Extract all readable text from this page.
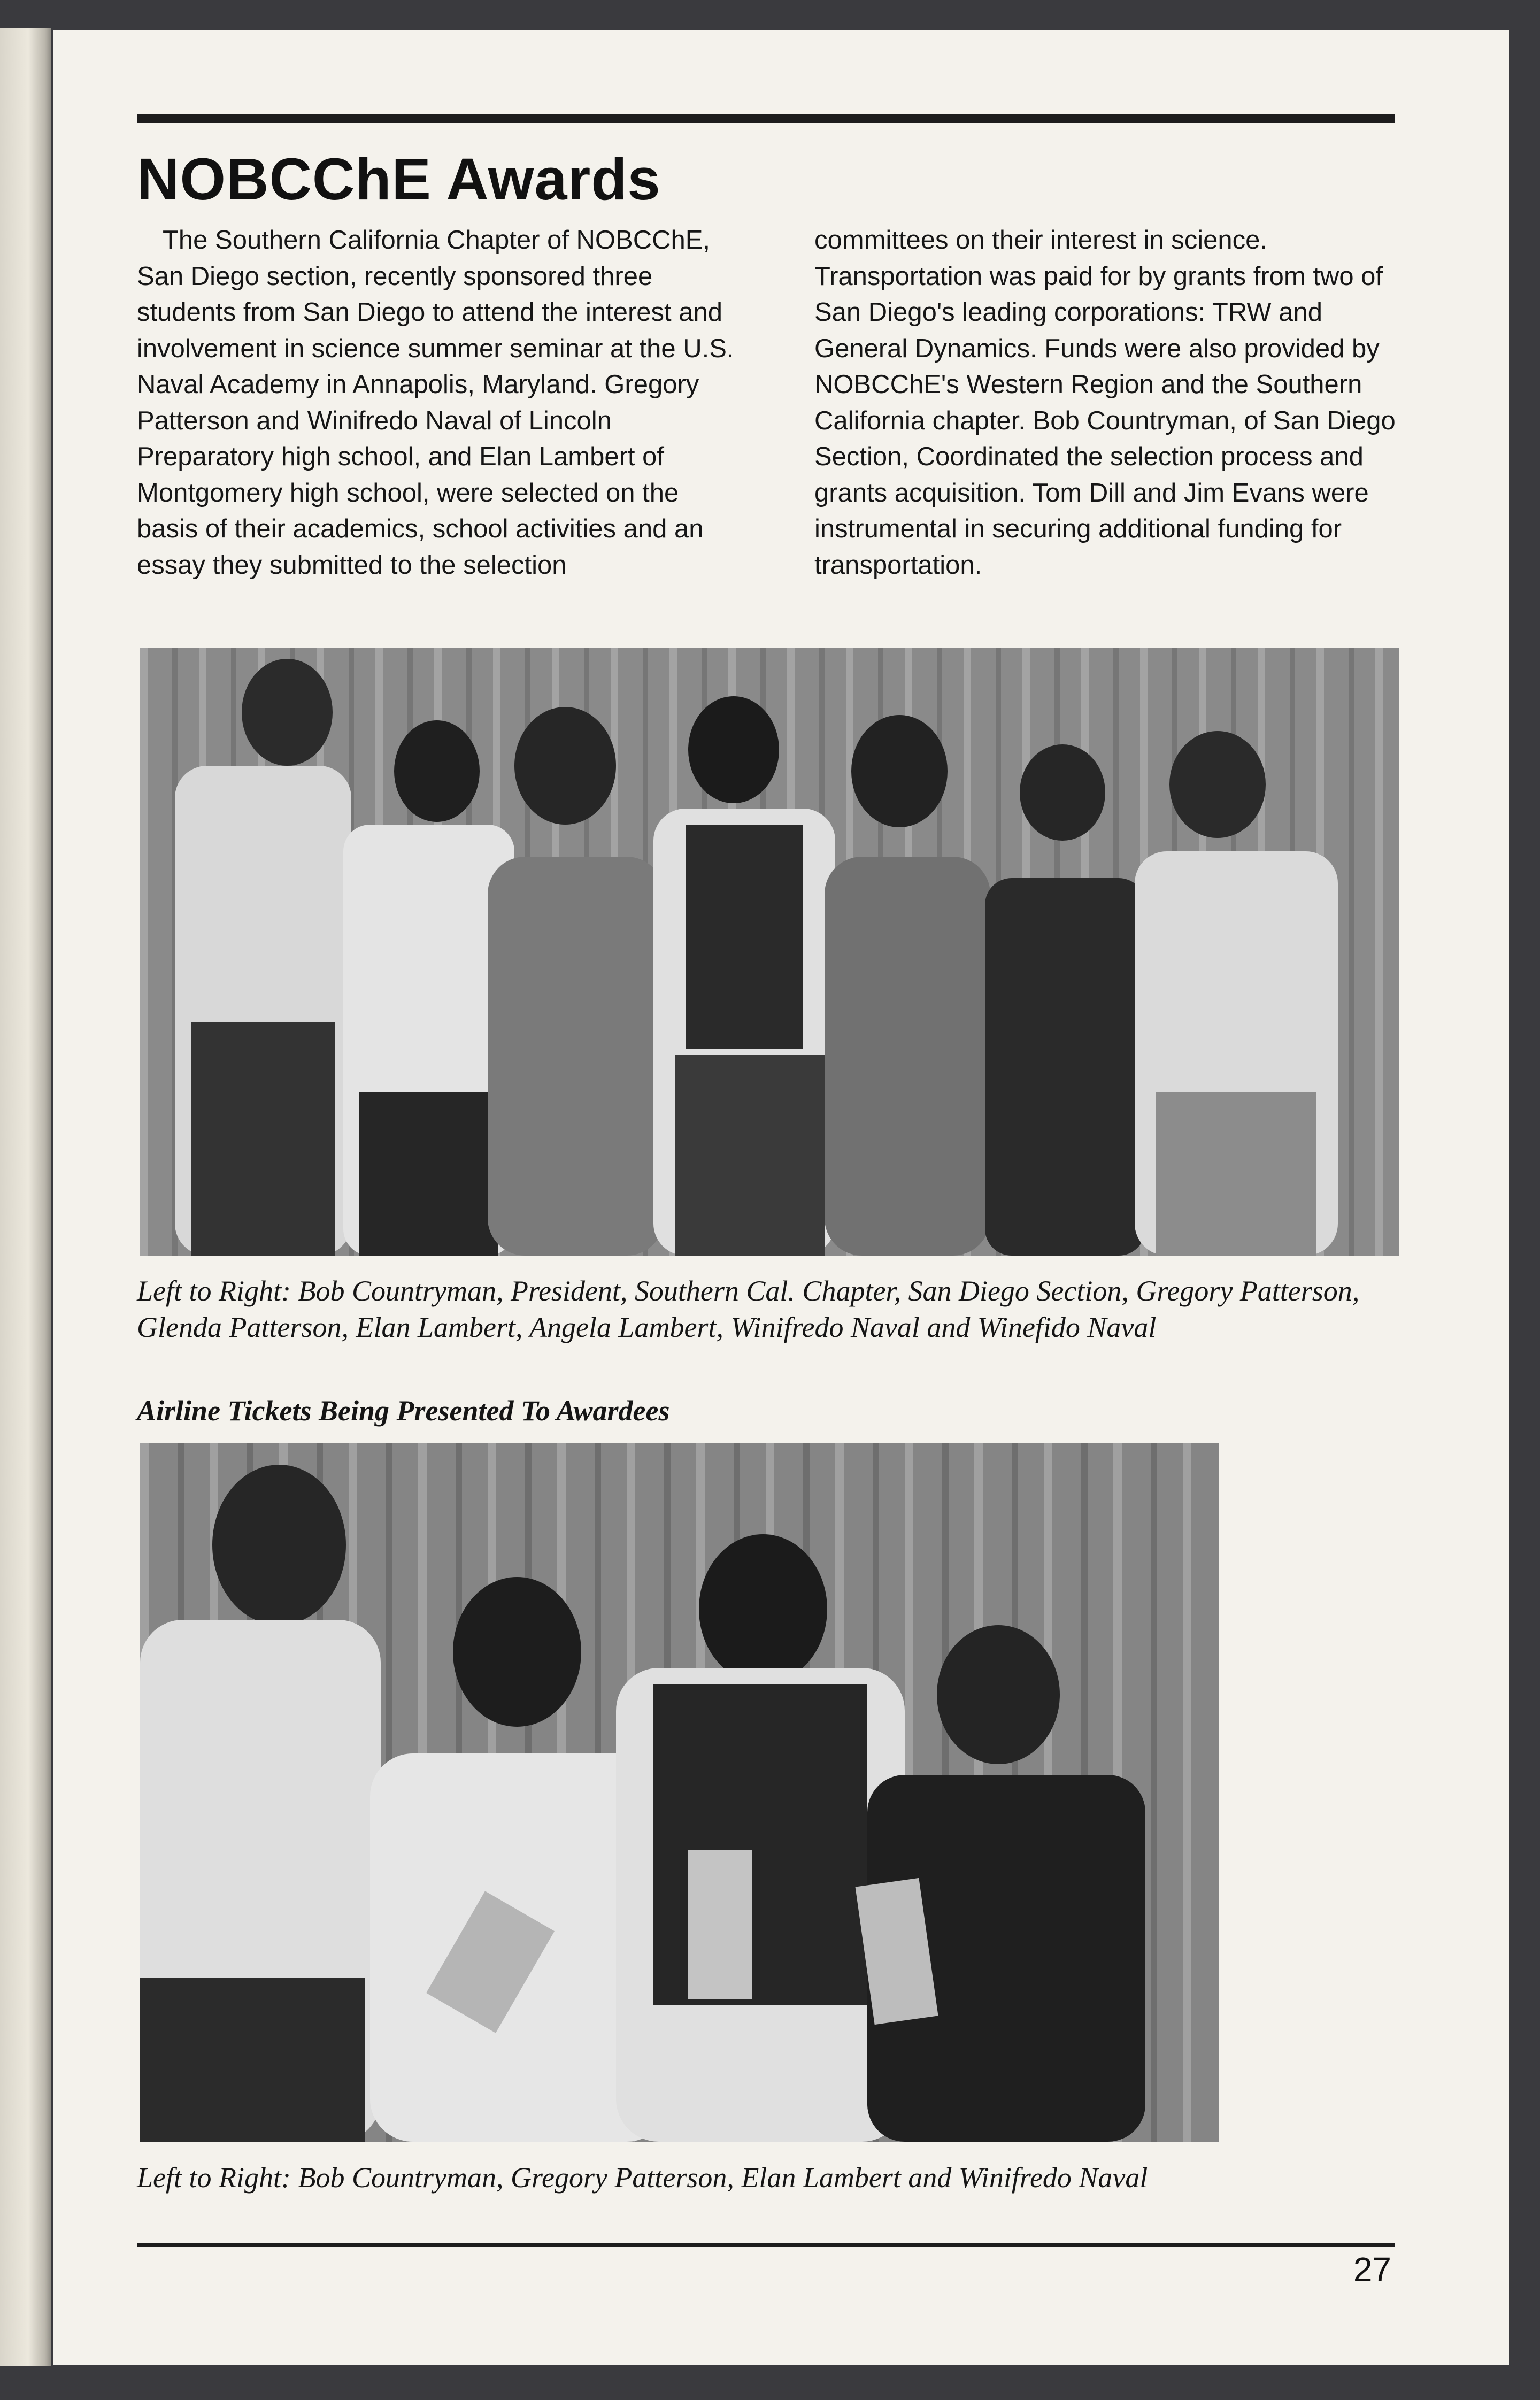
NOBCChE Awards

The Southern California Chapter of NOBCChE, San Diego section, recently sponsored three students from San Diego to attend the interest and involvement in science summer seminar at the U.S. Naval Academy in Annapolis, Maryland. Gregory Patterson and Winifredo Naval of Lincoln Preparatory high school, and Elan Lambert of Montgomery high school, were selected on the basis of their academics, school activities and an essay they submitted to the selection

committees on their interest in science. Transportation was paid for by grants from two of San Diego's leading corporations: TRW and General Dynamics. Funds were also provided by NOBCChE's Western Region and the Southern California chapter. Bob Countryman, of San Diego Section, Coordinated the selection process and grants acquisition. Tom Dill and Jim Evans were instrumental in securing additional funding for transportation.

Left to Right: Bob Countryman, President, Southern Cal. Chapter, San Diego Section, Gregory Patterson, Glenda Patterson, Elan Lambert, Angela Lambert, Winifredo Naval and Winefido Naval

Airline Tickets Being Presented To Awardees

Left to Right: Bob Countryman, Gregory Patterson, Elan Lambert and Winifredo Naval

27
